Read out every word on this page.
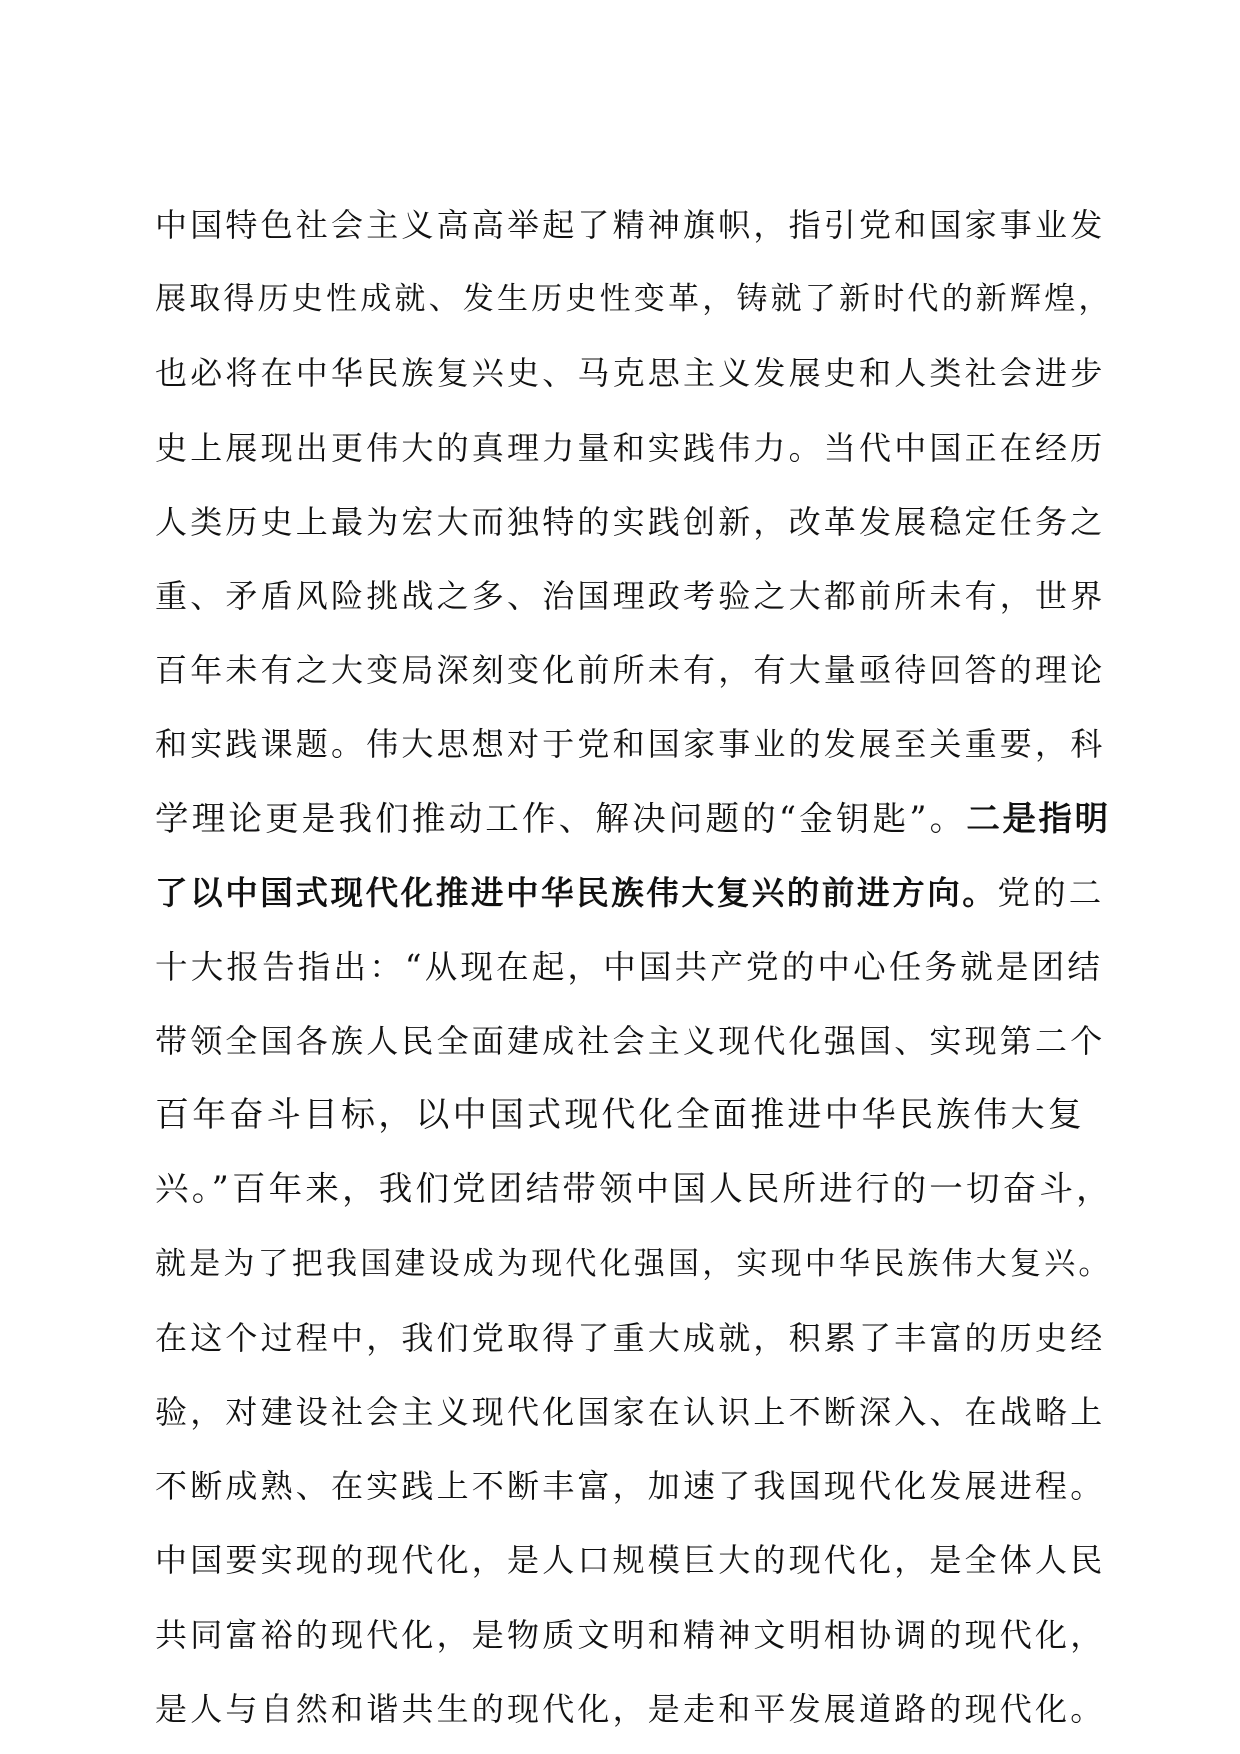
中国特色社会主义高高举起了精神旗帜，指引党和国家事业发
展取得历史性成就、发生历史性变革，铸就了新时代的新辉煌，
也必将在中华民族复兴史、马克思主义发展史和人类社会进步
史上展现出更伟大的真理力量和实践伟力。当代中国正在经历
人类历史上最为宏大而独特的实践创新，改革发展稳定任务之
重、矛盾风险挑战之多、治国理政考验之大都前所未有，世界
百年未有之大变局深刻变化前所未有，有大量亟待回答的理论
和实践课题。伟大思想对于党和国家事业的发展至关重要，科
学理论更是我们推动工作、解决问题的“金钥匙”。二是指明
了以中国式现代化推进中华民族伟大复兴的前进方向。党的二
十大报告指出：“从现在起，中国共产党的中心任务就是团结
带领全国各族人民全面建成社会主义现代化强国、实现第二个
百年奋斗目标，以中国式现代化全面推进中华民族伟大复
兴。”百年来，我们党团结带领中国人民所进行的一切奋斗，
就是为了把我国建设成为现代化强国，实现中华民族伟大复兴。
在这个过程中，我们党取得了重大成就，积累了丰富的历史经
验，对建设社会主义现代化国家在认识上不断深入、在战略上
不断成熟、在实践上不断丰富，加速了我国现代化发展进程。
中国要实现的现代化，是人口规模巨大的现代化，是全体人民
共同富裕的现代化，是物质文明和精神文明相协调的现代化，
是人与自然和谐共生的现代化，是走和平发展道路的现代化。
